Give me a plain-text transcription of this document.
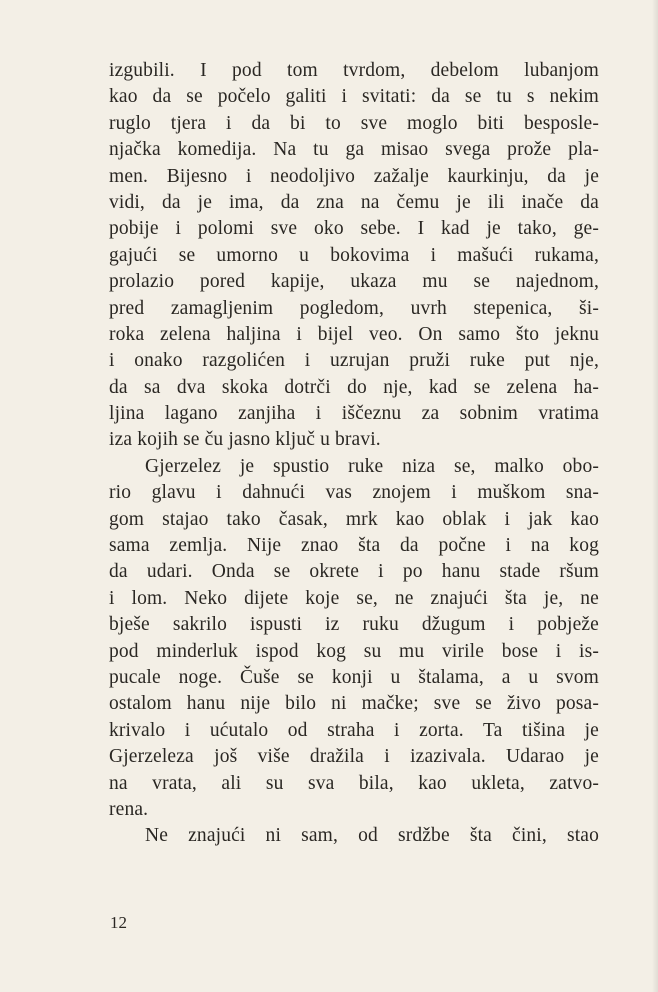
izgubili. I pod tom tvrdom, debelom lubanjom
kao da se počelo galiti i svitati: da se tu s nekim
ruglo tjera i da bi to sve moglo biti besposle-
njačka komedija. Na tu ga misao svega prože pla-
men. Bijesno i neodoljivo zažalje kaurkinju, da je
vidi, da je ima, da zna na čemu je ili inače da
pobije i polomi sve oko sebe. I kad je tako, ge-
gajući se umorno u bokovima i mašući rukama,
prolazio pored kapije, ukaza mu se najednom,
pred zamagljenim pogledom, uvrh stepenica, ši-
roka zelena haljina i bijel veo. On samo što jeknu
i onako razgolićen i uzrujan pruži ruke put nje,
da sa dva skoka dotrči do nje, kad se zelena ha-
ljina lagano zanjiha i iščeznu za sobnim vratima
iza kojih se ču jasno ključ u bravi.
Gjerzelez je spustio ruke niza se, malko obo-
rio glavu i dahnući vas znojem i muškom sna-
gom stajao tako časak, mrk kao oblak i jak kao
sama zemlja. Nije znao šta da počne i na kog
da udari. Onda se okrete i po hanu stade ršum
i lom. Neko dijete koje se, ne znajući šta je, ne
bješe sakrilo ispusti iz ruku džugum i pobježe
pod minderluk ispod kog su mu virile bose i is-
pucale noge. Čuše se konji u štalama, a u svom
ostalom hanu nije bilo ni mačke; sve se živo posa-
krivalo i ućutalo od straha i zorta. Ta tišina je
Gjerzeleza još više dražila i izazivala. Udarao je
na vrata, ali su sva bila, kao ukleta, zatvo-
rena.
Ne znajući ni sam, od srdžbe šta čini, stao
12
